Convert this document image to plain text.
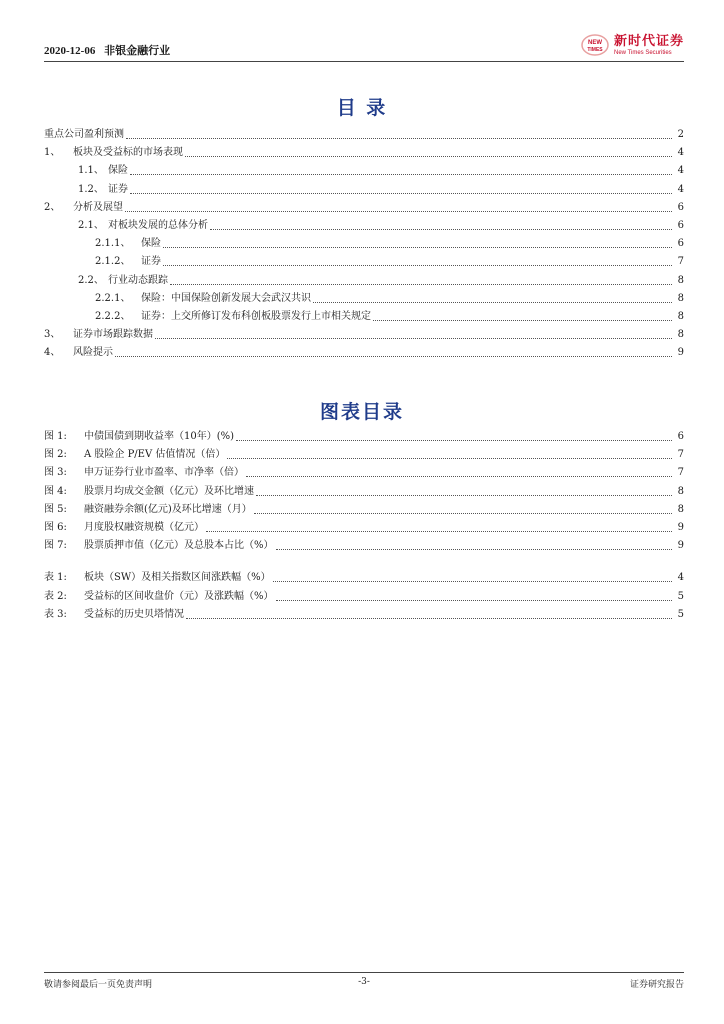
2020-12-06 非银金融行业
NEW
TIMES
新时代证券
New Times Securities
目 录
重点公司盈利预测	2
1、	板块及受益标的市场表现	4
1.1、 保险	4
1.2、 证券	4
2、	分析及展望	6
2.1、 对板块发展的总体分析	6
2.1.1、	保险	6
2.1.2、	证券	7
2.2、 行业动态跟踪	8
2.2.1、	保险：中国保险创新发展大会武汉共识	8
2.2.2、	证券：上交所修订发布科创板股票发行上市相关规定	8
3、	证券市场跟踪数据	8
4、	风险提示	9
图表目录
图 1:	中债国债到期收益率（10年）(%)	6
图 2:	A 股险企 P/EV 估值情况（倍）	7
图 3:	申万证券行业市盈率、市净率（倍）	7
图 4:	股票月均成交金额（亿元）及环比增速	8
图 5:	融资融券余额(亿元)及环比增速（月）	8
图 6:	月度股权融资规模（亿元）	9
图 7:	股票质押市值（亿元）及总股本占比（%）	9
表 1:	板块（SW）及相关指数区间涨跌幅（%）	4
表 2:	受益标的区间收盘价（元）及涨跌幅（%）	5
表 3:	受益标的历史贝塔情况	5
敬请参阅最后一页免责声明	-3-	证券研究报告
